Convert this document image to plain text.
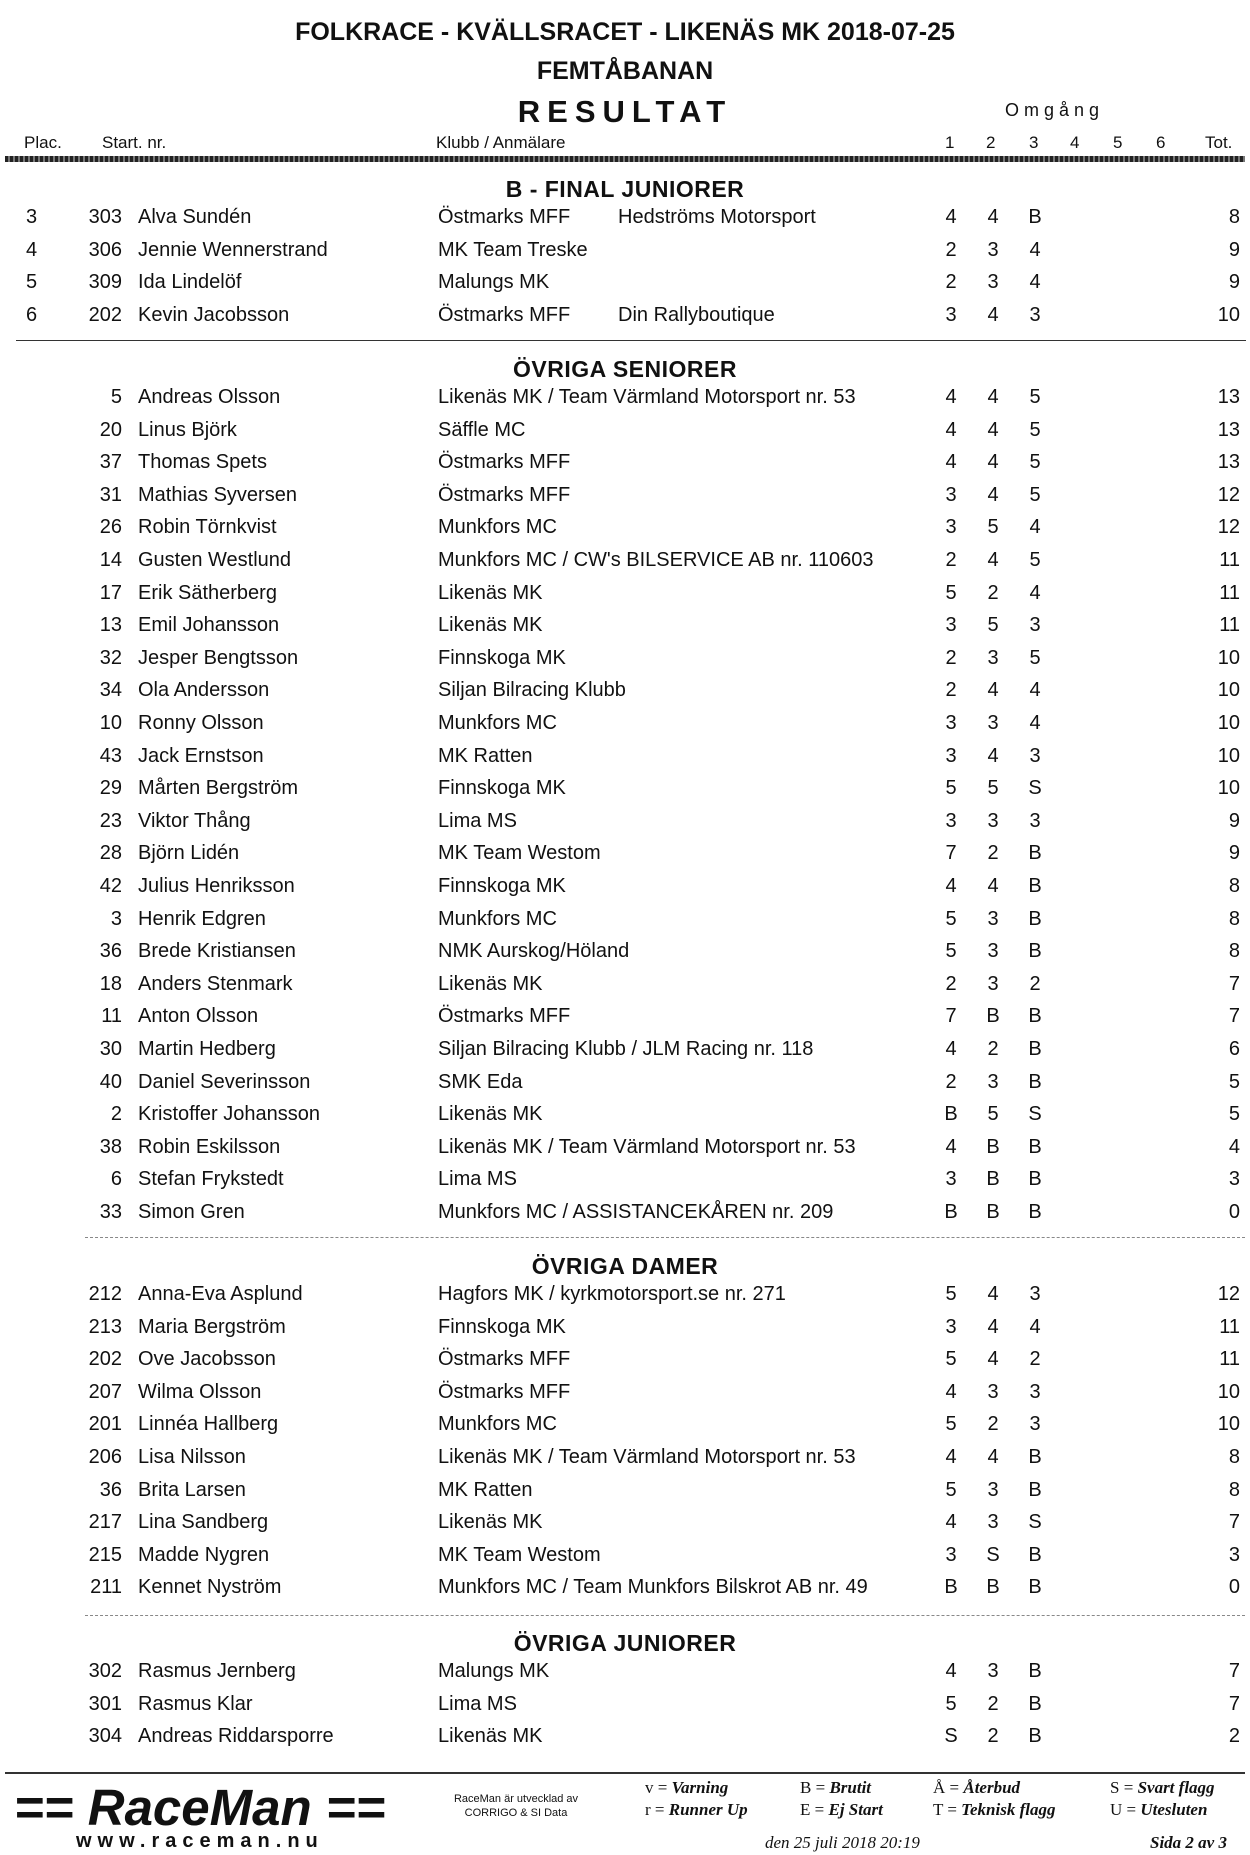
FOLKRACE - KVÄLLSRACET - LIKENÄS MK 2018-07-25
FEMTÅBANAN
RESULTAT	Omgång
Plac. Start. nr.	Klubb / Anmälare	1 2 3 4 5 6 Tot.
B - FINAL JUNIORER
3	303 Alva Sundén	Östmarks MFF Hedströms Motorsport	4	4	B	8
4	306 Jennie Wennerstrand	MK Team Treske	2	3	4	9
5	309 Ida Lindelöf	Malungs MK	2	3	4	9
6	202 Kevin Jacobsson	Östmarks MFF Din Rallyboutique	3	4	3	10
ÖVRIGA SENIORER
5 Andreas Olsson	Likenäs MK / Team Värmland Motorsport nr. 53	4	4	5	13
20 Linus Björk	Säffle MC	4	4	5	13
37 Thomas Spets	Östmarks MFF	4	4	5	13
31 Mathias Syversen	Östmarks MFF	3	4	5	12
26 Robin Törnkvist	Munkfors MC	3	5	4	12
14 Gusten Westlund	Munkfors MC / CW's BILSERVICE AB nr. 110603	2	4	5	11
17 Erik Sätherberg	Likenäs MK	5	2	4	11
13 Emil Johansson	Likenäs MK	3	5	3	11
32 Jesper Bengtsson	Finnskoga MK	2	3	5	10
34 Ola Andersson	Siljan Bilracing Klubb	2	4	4	10
10 Ronny Olsson	Munkfors MC	3	3	4	10
43 Jack Ernstson	MK Ratten	3	4	3	10
29 Mårten Bergström	Finnskoga MK	5	5	S	10
23 Viktor Thång	Lima MS	3	3	3	9
28 Björn Lidén	MK Team Westom	7	2	B	9
42 Julius Henriksson	Finnskoga MK	4	4	B	8
3 Henrik Edgren	Munkfors MC	5	3	B	8
36 Brede Kristiansen	NMK Aurskog/Höland	5	3	B	8
18 Anders Stenmark	Likenäs MK	2	3	2	7
11 Anton Olsson	Östmarks MFF	7	B	B	7
30 Martin Hedberg	Siljan Bilracing Klubb / JLM Racing nr. 118	4	2	B	6
40 Daniel Severinsson	SMK Eda	2	3	B	5
2 Kristoffer Johansson	Likenäs MK	B	5	S	5
38 Robin Eskilsson	Likenäs MK / Team Värmland Motorsport nr. 53	4	B	B	4
6 Stefan Frykstedt	Lima MS	3	B	B	3
33 Simon Gren	Munkfors MC / ASSISTANCEKÅREN nr. 209	B	B	B	0
ÖVRIGA DAMER
212 Anna-Eva Asplund	Hagfors MK / kyrkmotorsport.se nr. 271	5	4	3	12
213 Maria Bergström	Finnskoga MK	3	4	4	11
202 Ove Jacobsson	Östmarks MFF	5	4	2	11
207 Wilma Olsson	Östmarks MFF	4	3	3	10
201 Linnéa Hallberg	Munkfors MC	5	2	3	10
206 Lisa Nilsson	Likenäs MK / Team Värmland Motorsport nr. 53	4	4	B	8
36 Brita Larsen	MK Ratten	5	3	B	8
217 Lina Sandberg	Likenäs MK	4	3	S	7
215 Madde Nygren	MK Team Westom	3	S	B	3
211 Kennet Nyström	Munkfors MC / Team Munkfors Bilskrot AB nr. 49	B	B	B	0
ÖVRIGA JUNIORER
302 Rasmus Jernberg	Malungs MK	4	3	B	7
301 Rasmus Klar	Lima MS	5	2	B	7
304 Andreas Riddarsporre	Likenäs MK	S	2	B	2
== RaceMan ==
www.raceman.nu
RaceMan är utvecklad av
CORRIGO & SI Data
v = Varning
r = Runner Up
B = Brutit
E = Ej Start
Å = Återbud
T = Teknisk flagg
S = Svart flagg
U = Utesluten
den 25 juli 2018 20:19	Sida 2 av 3
